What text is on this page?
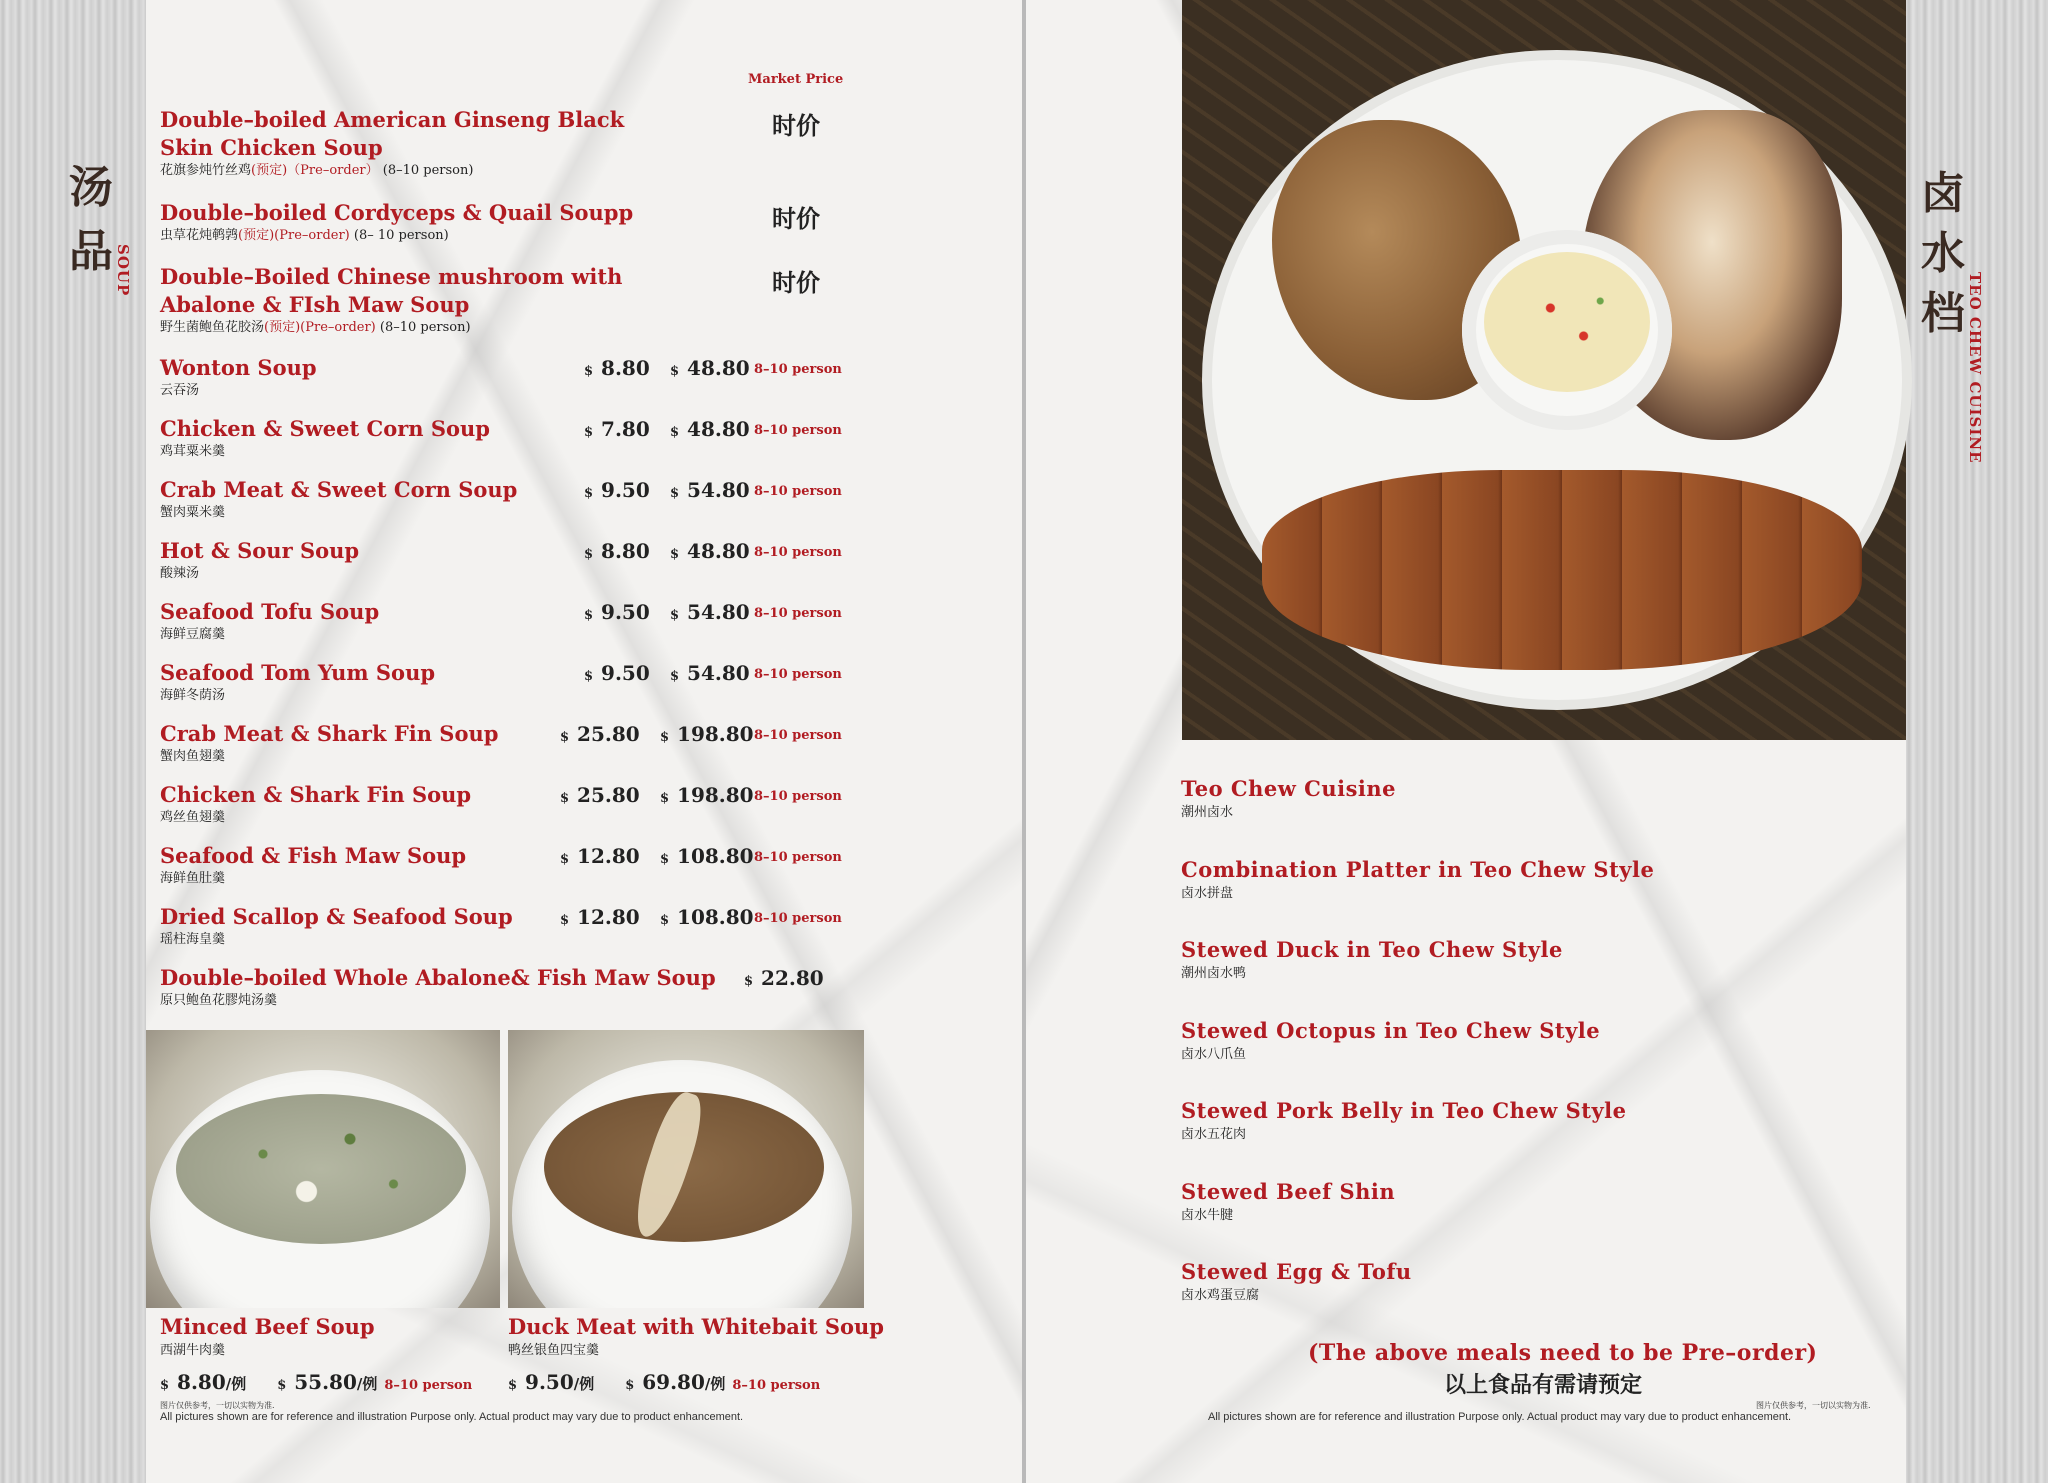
汤
品 SOUP
Market Price
Double–boiled American Ginseng Black Skin Chicken Soup
花旗参炖竹丝鸡(预定)（Pre–order） (8–10 person)
时价
Double–boiled Cordyceps & Quail Soupp
虫草花炖鹌鹑(预定)(Pre–order) (8– 10 person)
时价
Double–Boiled Chinese mushroom with Abalone & FIsh Maw Soup
野生菌鲍鱼花胶汤(预定)(Pre–order) (8–10 person)
时价
Wonton Soup
云吞汤
$ 8.80 $ 48.80 8–10 person
Chicken & Sweet Corn Soup
鸡茸粟米羹
$ 7.80 $ 48.80 8–10 person
Crab Meat & Sweet Corn Soup
蟹肉粟米羹
$ 9.50 $ 54.80 8–10 person
Hot & Sour Soup
酸辣汤
$ 8.80 $ 48.80 8–10 person
Seafood Tofu Soup
海鲜豆腐羹
$ 9.50 $ 54.80 8–10 person
Seafood Tom Yum Soup
海鲜冬荫汤
$ 9.50 $ 54.80 8–10 person
Crab Meat & Shark Fin Soup
蟹肉鱼翅羹
$ 25.80 $ 198.80 8–10 person
Chicken & Shark Fin Soup
鸡丝鱼翅羹
$ 25.80 $ 198.80 8–10 person
Seafood & Fish Maw Soup
海鲜鱼肚羹
$ 12.80 $ 108.80 8–10 person
Dried Scallop & Seafood Soup
瑶柱海皇羹
$ 12.80 $ 108.80 8–10 person
Double–boiled Whole Abalone& Fish Maw Soup
原只鲍鱼花膠炖汤羹
$ 22.80
Minced Beef Soup
西湖牛肉羹
$ 8.80/例 $ 55.80/例 8–10 person
Duck Meat with Whitebait Soup
鸭丝银鱼四宝羹
$ 9.50/例 $ 69.80/例 8–10 person
图片仅供参考，一切以实物为准.
All pictures shown are for reference and illustration Purpose only. Actual product may vary due to product enhancement.
卤
水
档 TEO CHEW CUISINE
Teo Chew Cuisine
潮州卤水
Combination Platter in Teo Chew Style
卤水拼盘
Stewed Duck in Teo Chew Style
潮州卤水鸭
Stewed Octopus in Teo Chew Style
卤水八爪鱼
Stewed Pork Belly in Teo Chew Style
卤水五花肉
Stewed Beef Shin
卤水牛腱
Stewed Egg & Tofu
卤水鸡蛋豆腐
(The above meals need to be Pre–order)
以上食品有需请预定
图片仅供参考，一切以实物为准.
All pictures shown are for reference and illustration Purpose only. Actual product may vary due to product enhancement.
